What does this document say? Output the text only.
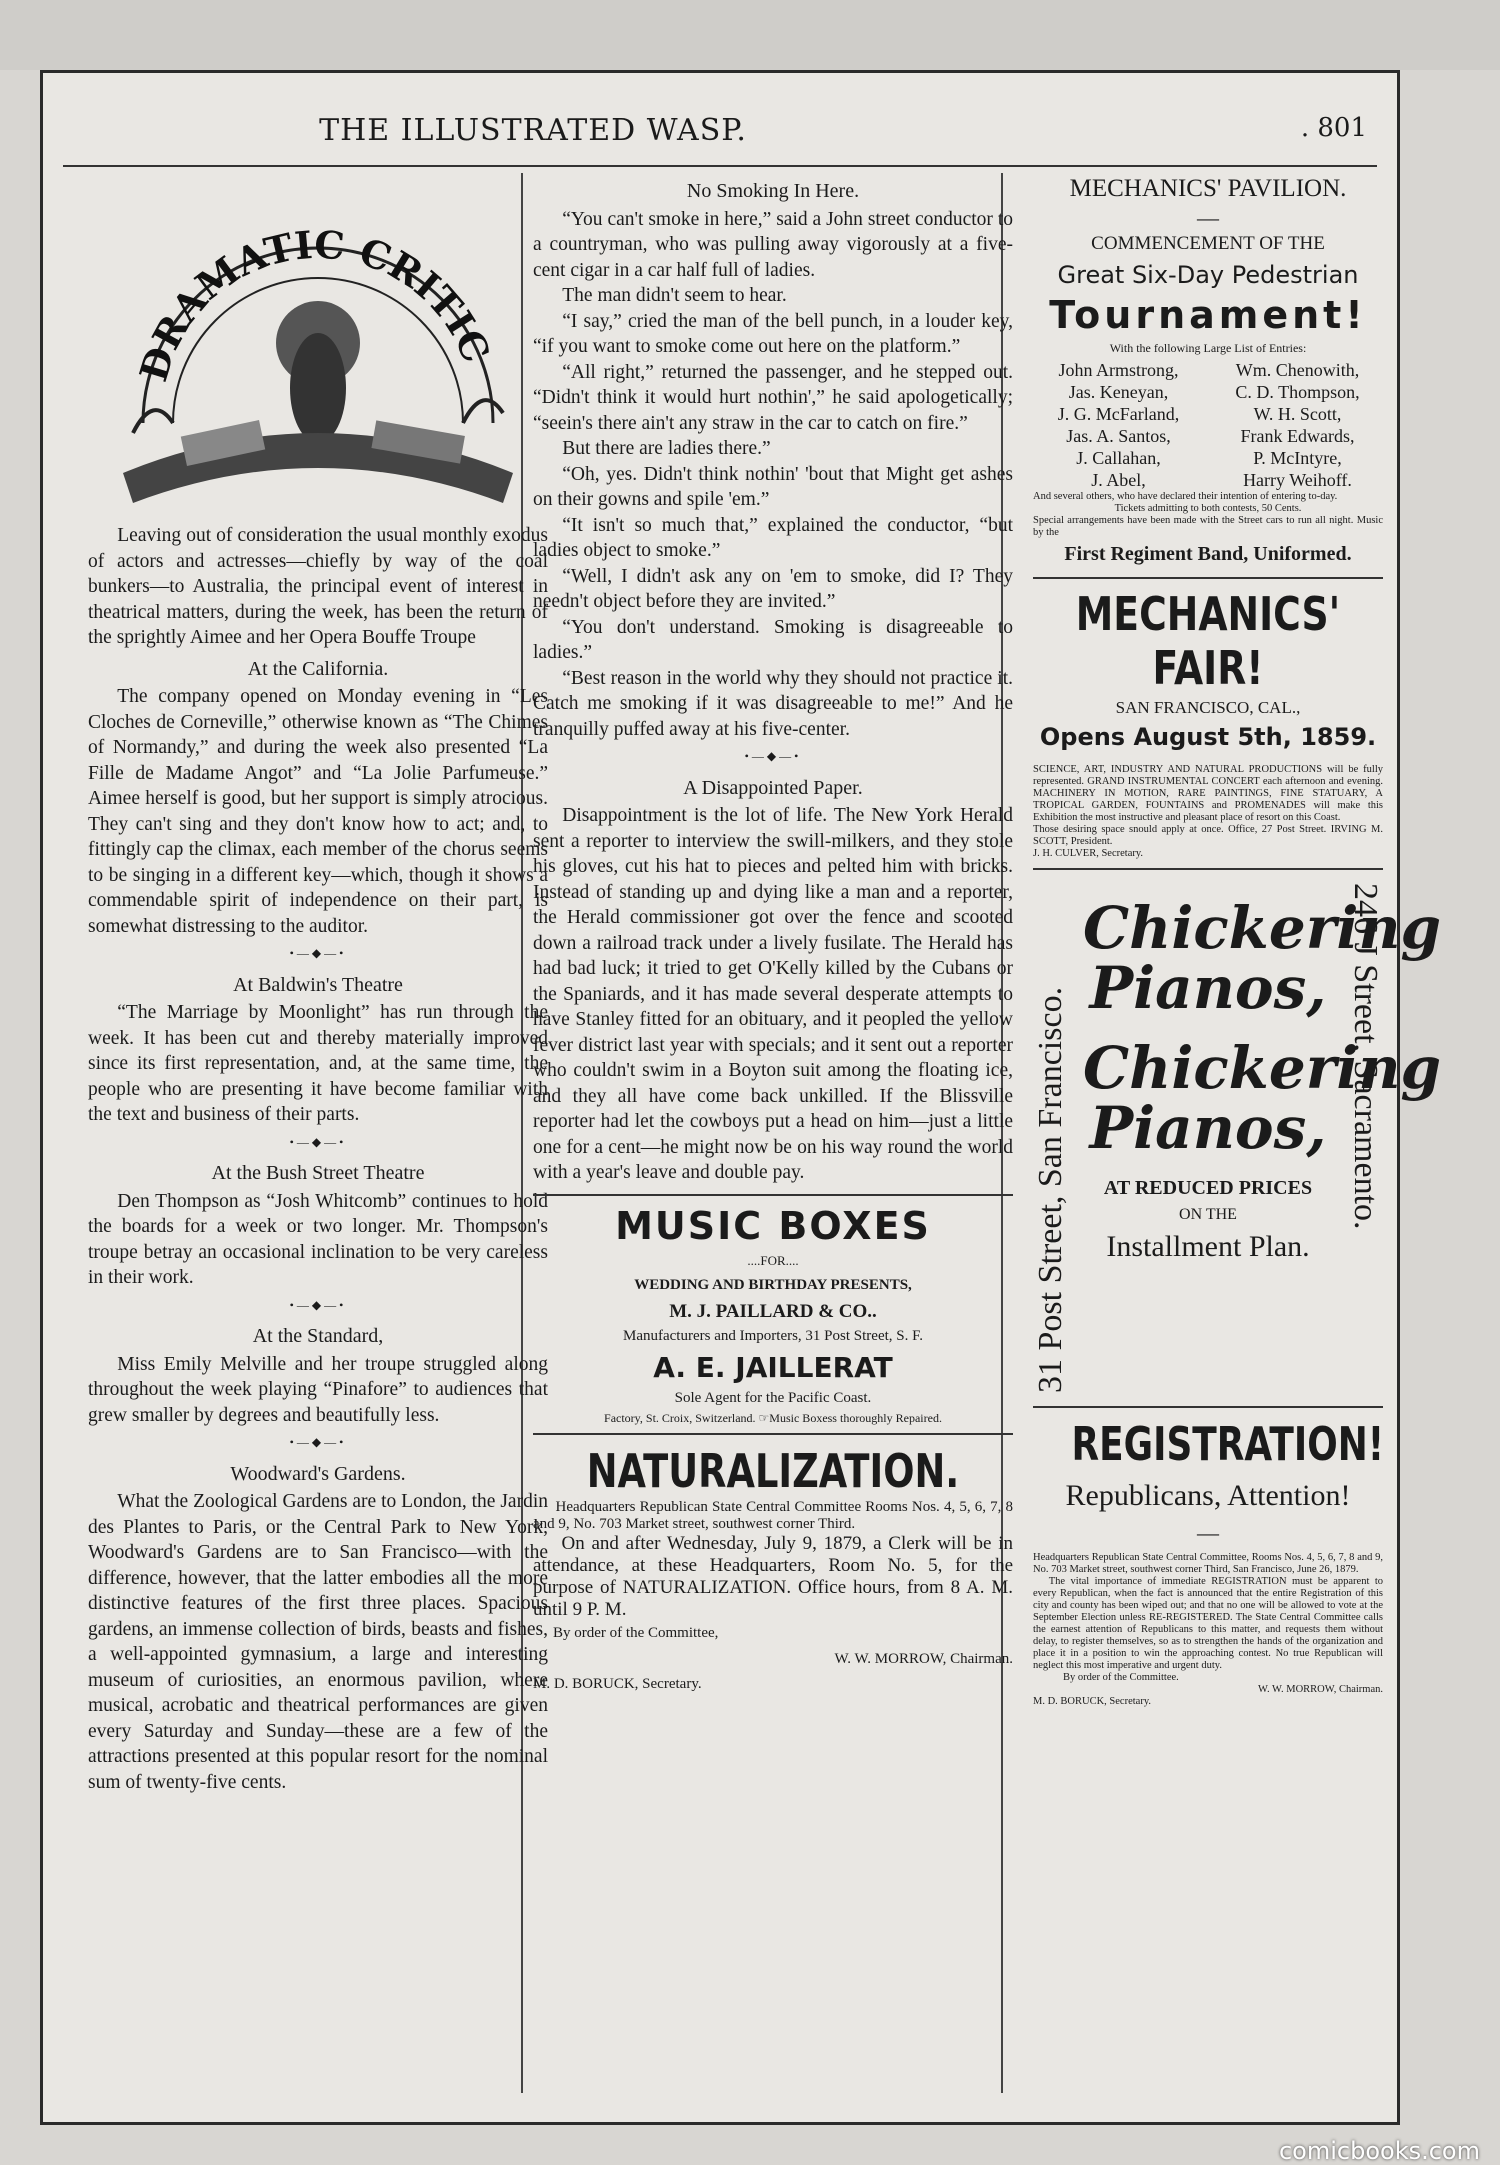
THE ILLUSTRATED WASP.	. 801
DRAMATIC CRITIC

Leaving out of consideration the usual monthly exodus of actors and actresses—chiefly by way of the coal bunkers—to Australia, the principal event of interest in theatrical matters, during the week, has been the return of the sprightly Aimee and her Opera Bouffe Troupe

At the California.

The company opened on Monday evening in “Les Cloches de Corneville,” otherwise known as “The Chimes of Normandy,” and during the week also presented “La Fille de Madame Angot” and “La Jolie Parfumeuse.” Aimee herself is good, but her support is simply atrocious. They can't sing and they don't know how to act; and, to fittingly cap the climax, each member of the chorus seems to be singing in a different key—which, though it shows a commendable spirit of independence on their part, is somewhat distressing to the auditor.

•—◆—•
At Baldwin's Theatre

“The Marriage by Moonlight” has run through the week. It has been cut and thereby materially improved since its first representation, and, at the same time, the people who are presenting it have become familiar with the text and business of their parts.

•—◆—•
At the Bush Street Theatre

Den Thompson as “Josh Whitcomb” continues to hold the boards for a week or two longer. Mr. Thompson's troupe betray an occasional inclination to be very careless in their work.

•—◆—•
At the Standard,

Miss Emily Melville and her troupe struggled along throughout the week playing “Pinafore” to audiences that grew smaller by degrees and beautifully less.

•—◆—•
Woodward's Gardens.

What the Zoological Gardens are to London, the Jardin des Plantes to Paris, or the Central Park to New York, Woodward's Gardens are to San Francisco—with the difference, however, that the latter embodies all the more distinctive features of the first three places. Spacious gardens, an immense collection of birds, beasts and fishes, a well-appointed gymnasium, a large and interesting museum of curiosities, an enormous pavilion, where musical, acrobatic and theatrical performances are given every Saturday and Sunday—these are a few of the attractions presented at this popular resort for the nominal sum of twenty-five cents.

No Smoking In Here.

“You can't smoke in here,” said a John street conductor to a countryman, who was pulling away vigorously at a five-cent cigar in a car half full of ladies.

The man didn't seem to hear.

“I say,” cried the man of the bell punch, in a louder key, “if you want to smoke come out here on the platform.”

“All right,” returned the passenger, and he stepped out. “Didn't think it would hurt nothin',” he said apologetically; “seein's there ain't any straw in the car to catch on fire.”

But there are ladies there.”

“Oh, yes. Didn't think nothin' 'bout that Might get ashes on their gowns and spile 'em.”

“It isn't so much that,” explained the conductor, “but ladies object to smoke.”

“Well, I didn't ask any on 'em to smoke, did I? They needn't object before they are invited.”

“You don't understand. Smoking is disagreeable to ladies.”

“Best reason in the world why they should not practice it. Catch me smoking if it was disagreeable to me!” And he tranquilly puffed away at his five-center.

•—◆—•
A Disappointed Paper.

Disappointment is the lot of life. The New York Herald sent a reporter to interview the swill-milkers, and they stole his gloves, cut his hat to pieces and pelted him with bricks. Instead of standing up and dying like a man and a reporter, the Herald commissioner got over the fence and scooted down a railroad track under a lively fusilate. The Herald has had bad luck; it tried to get O'Kelly killed by the Cubans or the Spaniards, and it has made several desperate attempts to have Stanley fitted for an obituary, and it peopled the yellow fever district last year with specials; and it sent out a reporter who couldn't swim in a Boyton suit among the floating ice, and they all have come back unkilled. If the Blissville reporter had let the cowboys put a head on him—just a little one for a cent—he might now be on his way round the world with a year's leave and double pay.

MUSIC BOXES
....FOR....
WEDDING AND BIRTHDAY PRESENTS,
M. J. PAILLARD & CO..
Manufacturers and Importers, 31 Post Street, S. F.
A. E. JAILLERAT
Sole Agent for the Pacific Coast.
Factory, St. Croix, Switzerland. ☞Music Boxess thoroughly Repaired.
NATURALIZATION.

Headquarters Republican State Central Committee Rooms Nos. 4, 5, 6, 7, 8 and 9, No. 703 Market street, southwest corner Third.

On and after Wednesday, July 9, 1879, a Clerk will be in attendance, at these Headquarters, Room No. 5, for the purpose of NATURALIZATION. Office hours, from 8 A. M. until 9 P. M.

By order of the Committee,
W. W. MORROW, Chairman.
M. D. BORUCK, Secretary.
MECHANICS' PAVILION.
—
COMMENCEMENT OF THE
Great Six-Day Pedestrian
Tournament!
With the following Large List of Entries:
John Armstrong,	Wm. Chenowith,
Jas. Keneyan,	C. D. Thompson,
J. G. McFarland,	W. H. Scott,
Jas. A. Santos,	Frank Edwards,
J. Callahan,	P. McIntyre,
J. Abel,	Harry Weihoff.
And several others, who have declared their intention of entering to-day.
Tickets admitting to both contests, 50 Cents.
Special arrangements have been made with the Street cars to run all night. Music by the
First Regiment Band, Uniformed.
MECHANICS' FAIR!
SAN FRANCISCO, CAL.,
Opens August 5th, 1859.
SCIENCE, ART, INDUSTRY AND NATURAL PRODUCTIONS will be fully represented. GRAND INSTRUMENTAL CONCERT each afternoon and evening. MACHINERY IN MOTION, RARE PAINTINGS, FINE STATUARY, A TROPICAL GARDEN, FOUNTAINS and PROMENADES will make this Exhibition the most instructive and pleasant place of resort on this Coast.
Those desiring space snould apply at once. Office, 27 Post Street. IRVING M. SCOTT, President.
J. H. CULVER, Secretary.
31 Post Street, San Francisco.	246 J Street, Sacramento.
Chickering
Pianos,
Chickering
Pianos,
AT REDUCED PRICES
ON THE
Installment Plan.
REGISTRATION!
Republicans, Attention!
—
Headquarters Republican State Central Committee, Rooms Nos. 4, 5, 6, 7, 8 and 9, No. 703 Market street, southwest corner Third, San Francisco, June 26, 1879.
The vital importance of immediate REGISTRATION must be apparent to every Republican, when the fact is announced that the entire Registration of this city and county has been wiped out; and that no one will be allowed to vote at the September Election unless RE-REGISTERED. The State Central Committee calls the earnest attention of Republicans to this matter, and requests them without delay, to register themselves, so as to strengthen the hands of the organization and place it in a position to win the approaching contest. No true Republican will neglect this most imperative and urgent duty.
By order of the Committee.
W. W. MORROW, Chairman.
M. D. BORUCK, Secretary.
comicbooks.com
